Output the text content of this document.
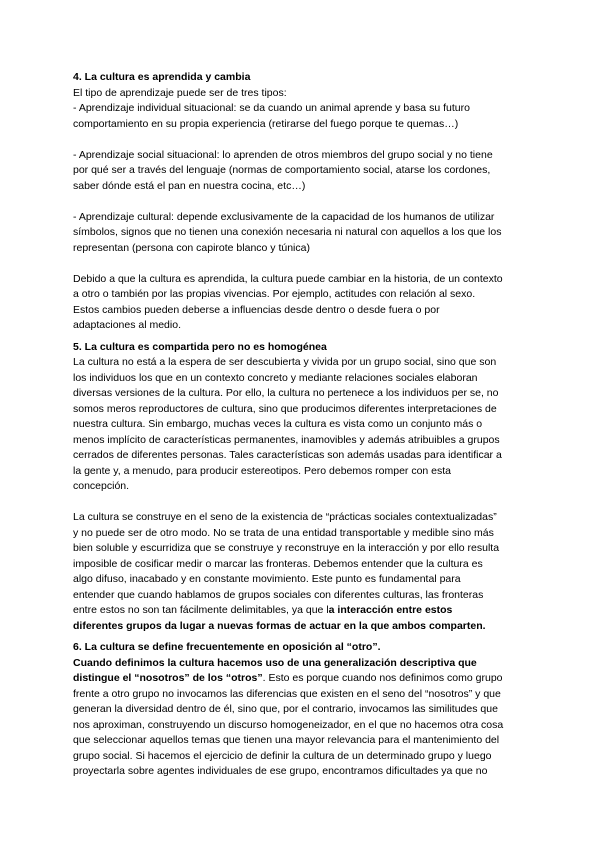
4. La cultura es aprendida y cambia

El tipo de aprendizaje puede ser de tres tipos:

- Aprendizaje individual situacional: se da cuando un animal aprende y basa su futuro
comportamiento en su propia experiencia (retirarse del fuego porque te quemas…)

- Aprendizaje social situacional: lo aprenden de otros miembros del grupo social y no tiene
por qué ser a través del lenguaje (normas de comportamiento social, atarse los cordones,
saber dónde está el pan en nuestra cocina, etc…)

- Aprendizaje cultural: depende exclusivamente de la capacidad de los humanos de utilizar
símbolos, signos que no tienen una conexión necesaria ni natural con aquellos a los que los
representan (persona con capirote blanco y túnica)

Debido a que la cultura es aprendida, la cultura puede cambiar en la historia, de un contexto
a otro o también por las propias vivencias. Por ejemplo, actitudes con relación al sexo.
Estos cambios pueden deberse a influencias desde dentro o desde fuera o por
adaptaciones al medio.

5. La cultura es compartida pero no es homogénea

La cultura no está a la espera de ser descubierta y vivida por un grupo social, sino que son
los individuos los que en un contexto concreto y mediante relaciones sociales elaboran
diversas versiones de la cultura. Por ello, la cultura no pertenece a los individuos per se, no
somos meros reproductores de cultura, sino que producimos diferentes interpretaciones de
nuestra cultura. Sin embargo, muchas veces la cultura es vista como un conjunto más o
menos implícito de características permanentes, inamovibles y además atribuibles a grupos
cerrados de diferentes personas. Tales características son además usadas para identificar a
la gente y, a menudo, para producir estereotipos. Pero debemos romper con esta
concepción.

La cultura se construye en el seno de la existencia de “prácticas sociales contextualizadas”
y no puede ser de otro modo. No se trata de una entidad transportable y medible sino más
bien soluble y escurridiza que se construye y reconstruye en la interacción y por ello resulta
imposible de cosificar medir o marcar las fronteras. Debemos entender que la cultura es
algo difuso, inacabado y en constante movimiento. Este punto es fundamental para
entender que cuando hablamos de grupos sociales con diferentes culturas, las fronteras
entre estos no son tan fácilmente delimitables, ya que la interacción entre estos
diferentes grupos da lugar a nuevas formas de actuar en la que ambos comparten.

6. La cultura se define frecuentemente en oposición al “otro”.

Cuando definimos la cultura hacemos uso de una generalización descriptiva que
distingue el “nosotros” de los “otros”. Esto es porque cuando nos definimos como grupo
frente a otro grupo no invocamos las diferencias que existen en el seno del “nosotros” y que
generan la diversidad dentro de él, sino que, por el contrario, invocamos las similitudes que
nos aproximan, construyendo un discurso homogeneizador, en el que no hacemos otra cosa
que seleccionar aquellos temas que tienen una mayor relevancia para el mantenimiento del
grupo social. Si hacemos el ejercicio de definir la cultura de un determinado grupo y luego
proyectarla sobre agentes individuales de ese grupo, encontramos dificultades ya que no
